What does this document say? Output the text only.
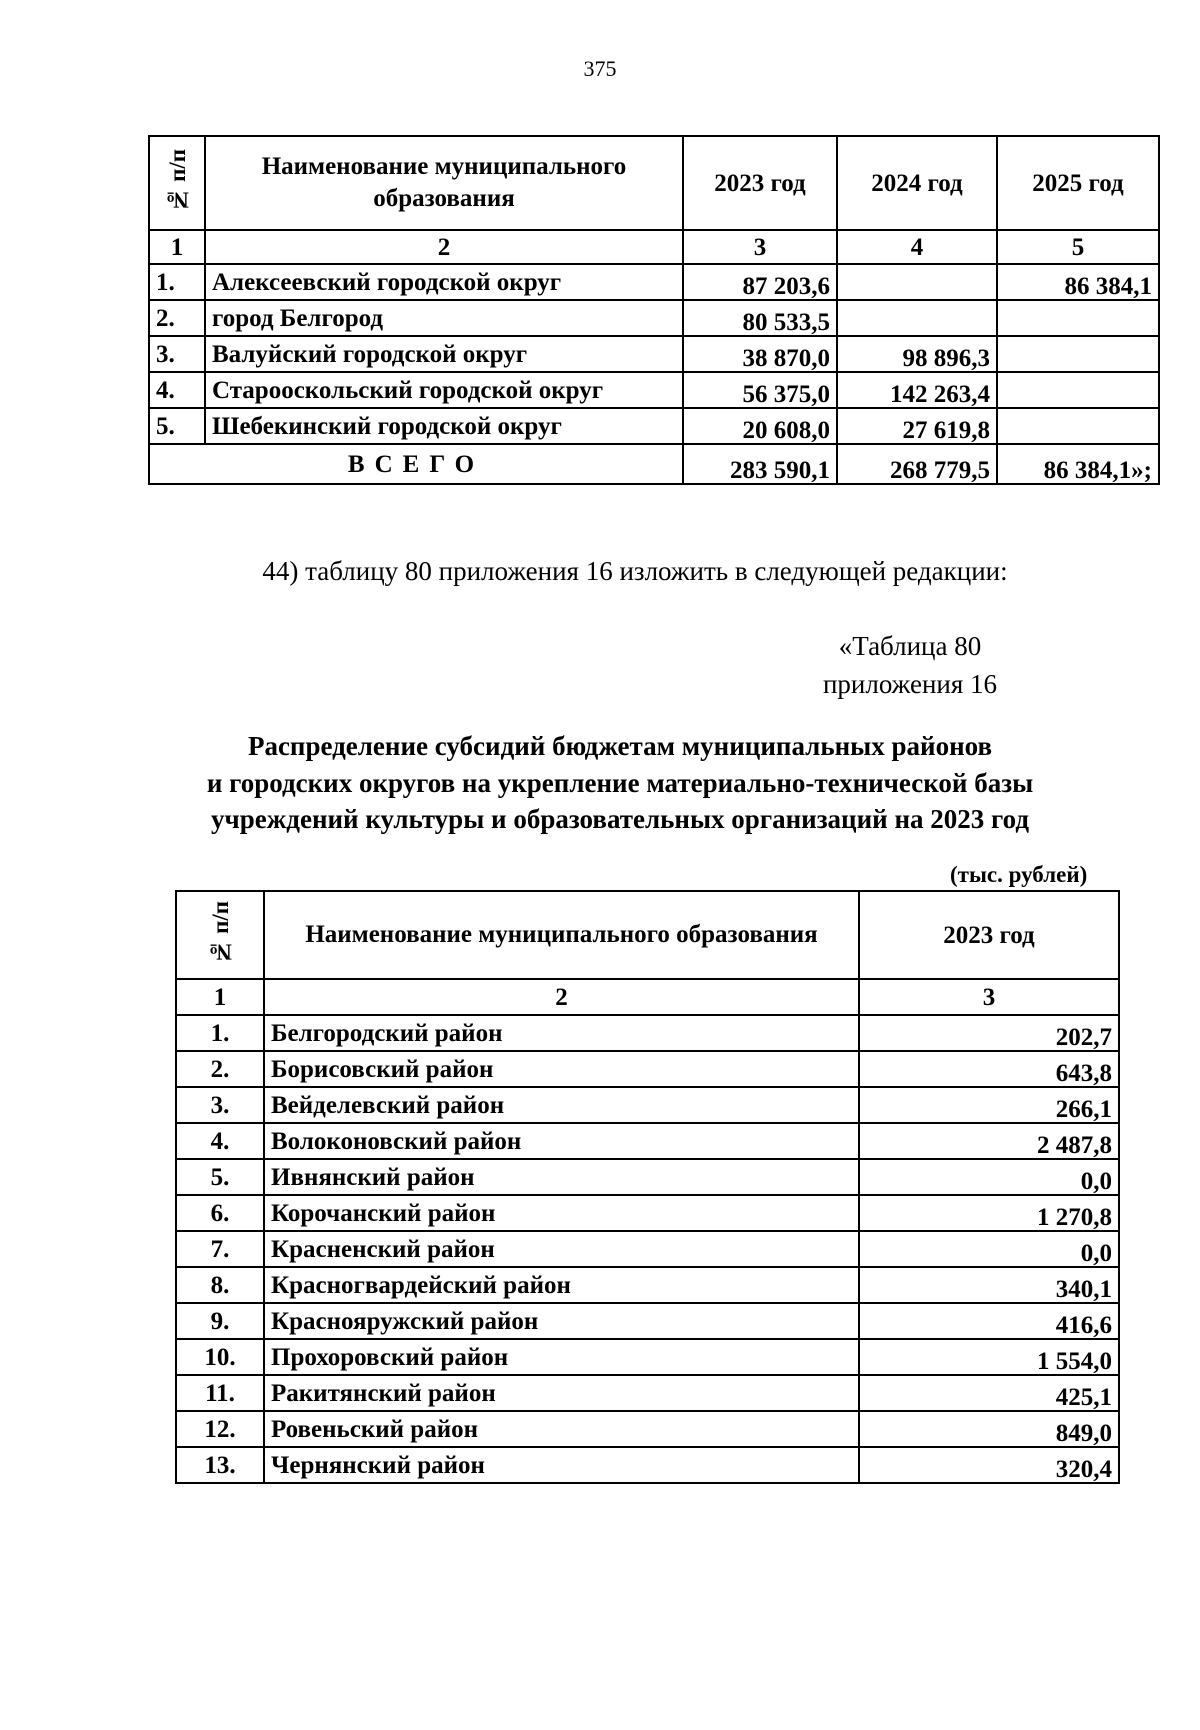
375
№ п/п	Наименование муниципального образования	2023 год	2024 год	2025 год
1	2	3	4	5
1.	Алексеевский городской округ	87 203,6		86 384,1
2.	город Белгород	80 533,5		
3.	Валуйский городской округ	38 870,0	98 896,3	
4.	Старооскольский городской округ	56 375,0	142 263,4	
5.	Шебекинский городской округ	20 608,0	27 619,8	
ВСЕГО		283 590,1	268 779,5	86 384,1»;
44) таблицу 80 приложения 16 изложить в следующей редакции:
«Таблица 80
приложения 16
Распределение субсидий бюджетам муниципальных районов
и городских округов на укрепление материально-технической базы
учреждений культуры и образовательных организаций на 2023 год
(тыс. рублей)
№ п/п	Наименование муниципального образования	2023 год
1	2	3
1.	Белгородский район	202,7
2.	Борисовский район	643,8
3.	Вейделевский район	266,1
4.	Волоконовский район	2 487,8
5.	Ивнянский район	0,0
6.	Корочанский район	1 270,8
7.	Красненский район	0,0
8.	Красногвардейский район	340,1
9.	Краснояружский район	416,6
10.	Прохоровский район	1 554,0
11.	Ракитянский район	425,1
12.	Ровеньский район	849,0
13.	Чернянский район	320,4
